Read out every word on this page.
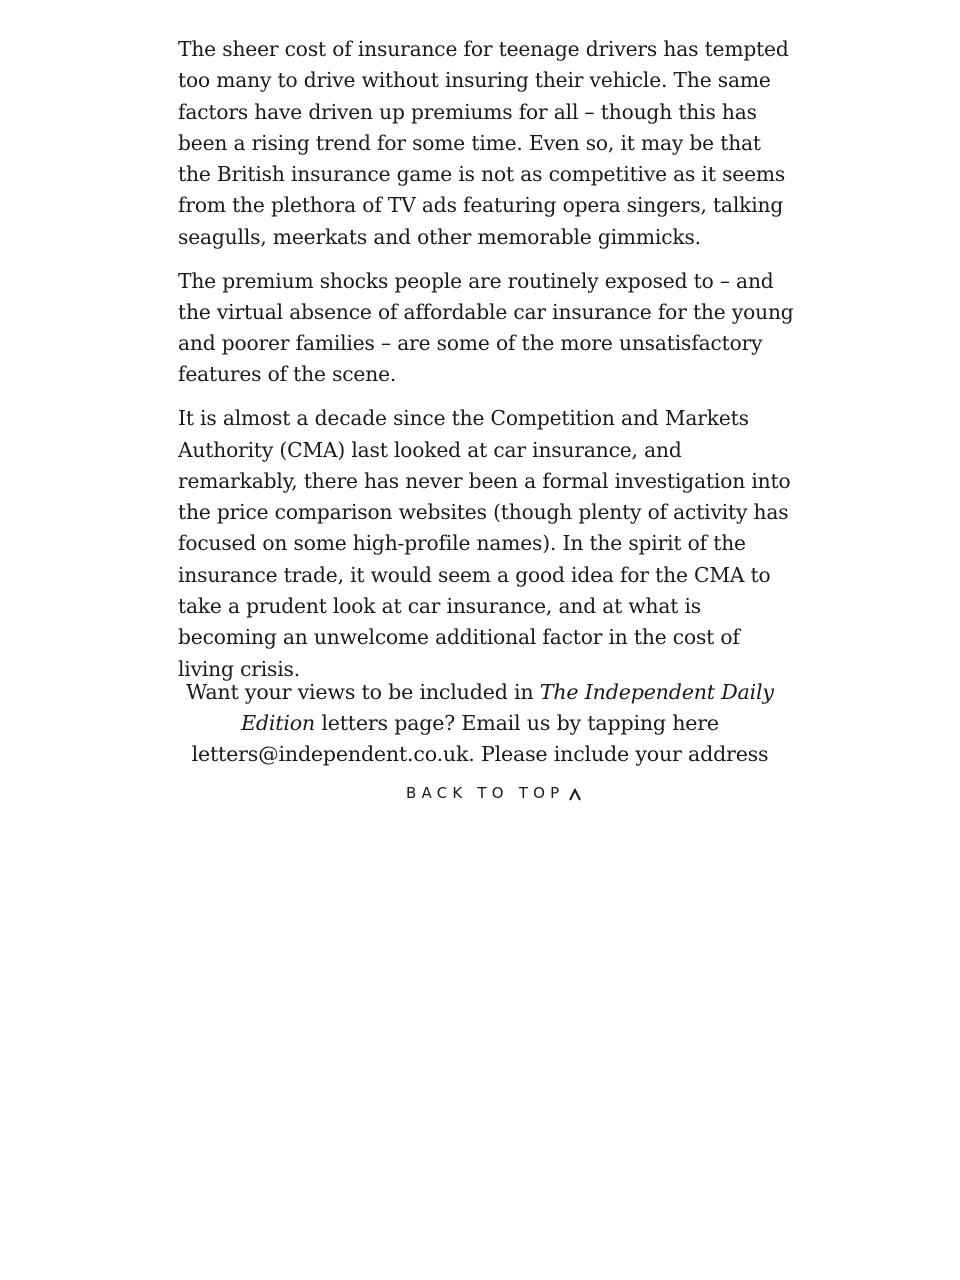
The sheer cost of insurance for teenage drivers has tempted too many to drive without insuring their vehicle. The same factors have driven up premiums for all – though this has been a rising trend for some time. Even so, it may be that the British insurance game is not as competitive as it seems from the plethora of TV ads featuring opera singers, talking seagulls, meerkats and other memorable gimmicks.

The premium shocks people are routinely exposed to – and the virtual absence of affordable car insurance for the young and poorer families – are some of the more unsatisfactory features of the scene.

It is almost a decade since the Competition and Markets Authority (CMA) last looked at car insurance, and remarkably, there has never been a formal investigation into the price comparison websites (though plenty of activity has focused on some high-profile names). In the spirit of the insurance trade, it would seem a good idea for the CMA to take a prudent look at car insurance, and at what is becoming an unwelcome additional factor in the cost of living crisis.

Want your views to be included in The Independent Daily Edition letters page? Email us by tapping here letters@independent.co.uk. Please include your address
BACK TO TOP
